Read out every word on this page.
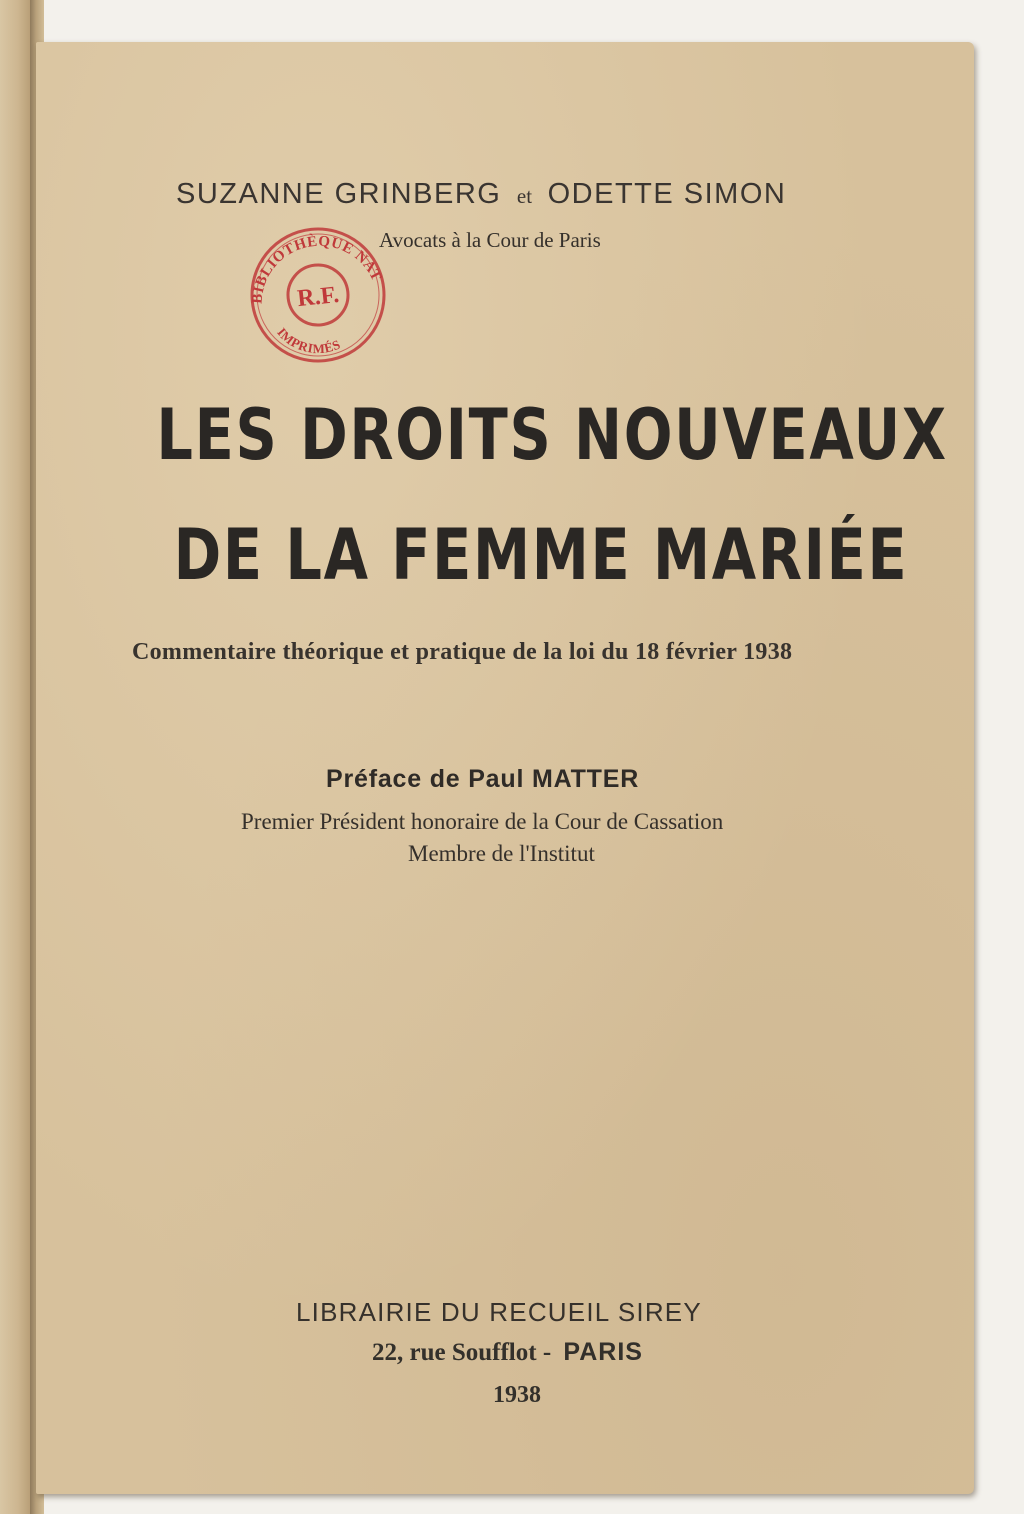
SUZANNE GRINBERG et ODETTE SIMON

Avocats à la Cour de Paris

BIBLIOTHÈQUE NATIONALE
R.F.
IMPRIMÉS
LES DROITS NOUVEAUX
DE LA FEMME MARIÉE

Commentaire théorique et pratique de la loi du 18 février 1938

Préface de Paul MATTER

Premier Président honoraire de la Cour de Cassation

Membre de l'Institut

LIBRAIRIE DU RECUEIL SIREY

22, rue Soufflot - PARIS

1938
